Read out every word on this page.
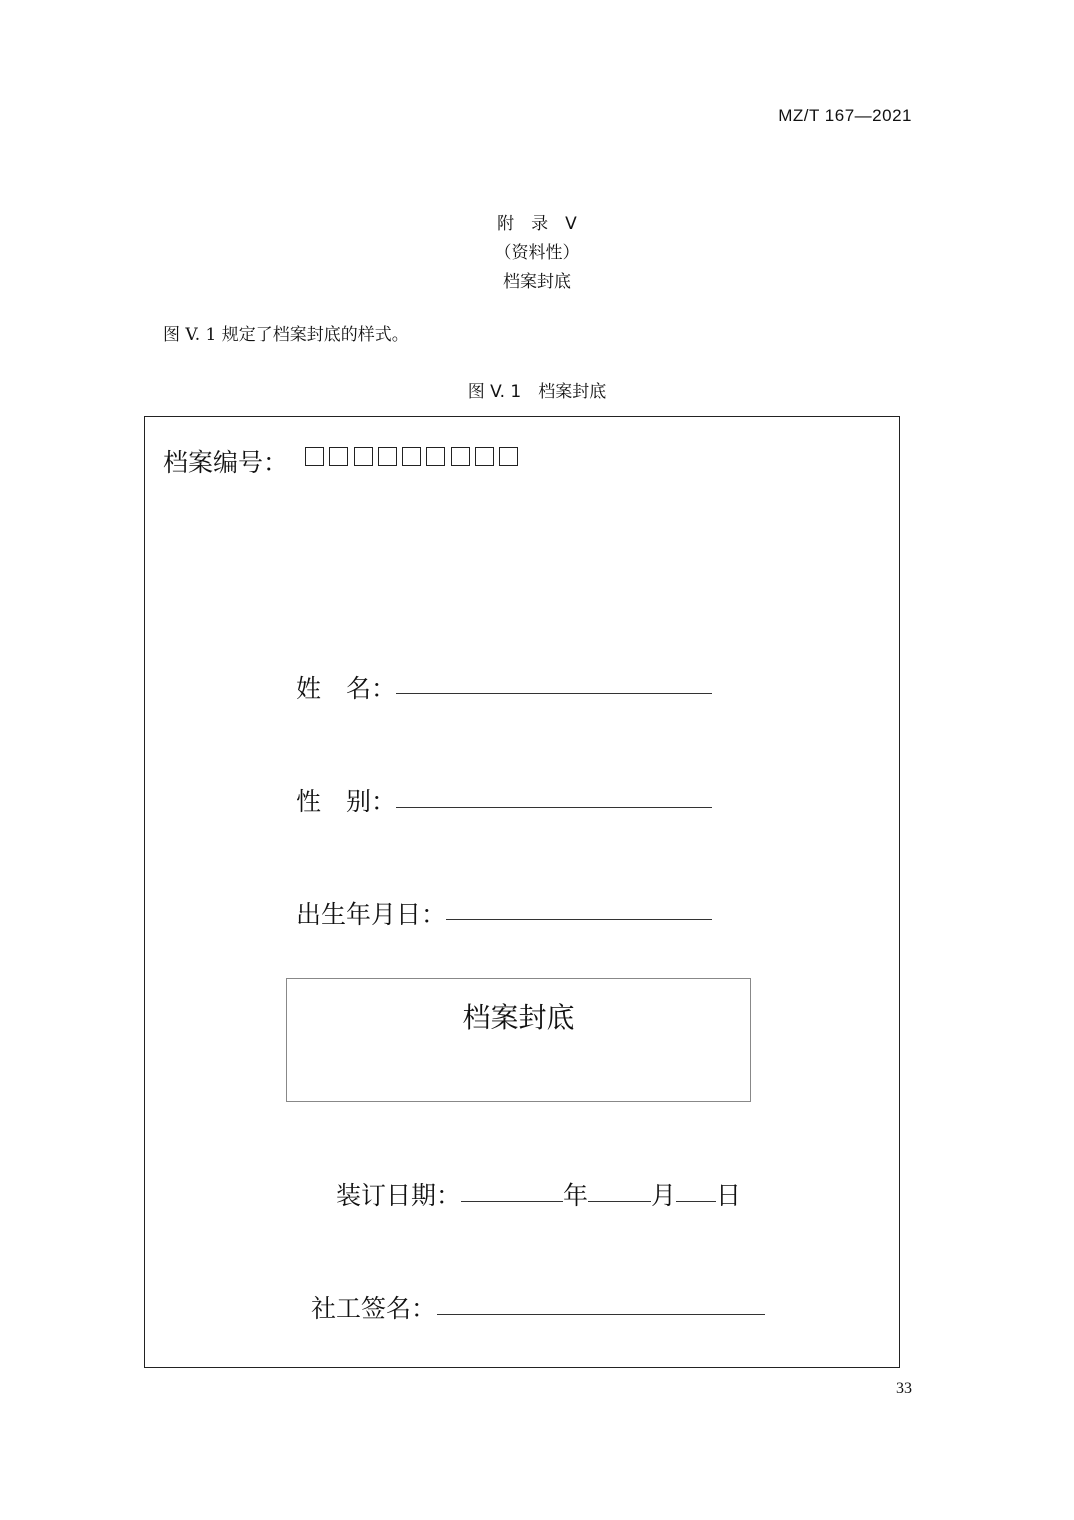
MZ/T 167—2021
附　录　V
（资料性）
档案封底
图 V. 1 规定了档案封底的样式。
图 V. 1　档案封底
档案编号：
姓　名：
性　别：
出生年月日：
档案封底
装订日期：	年	月 日
社工签名：
33
